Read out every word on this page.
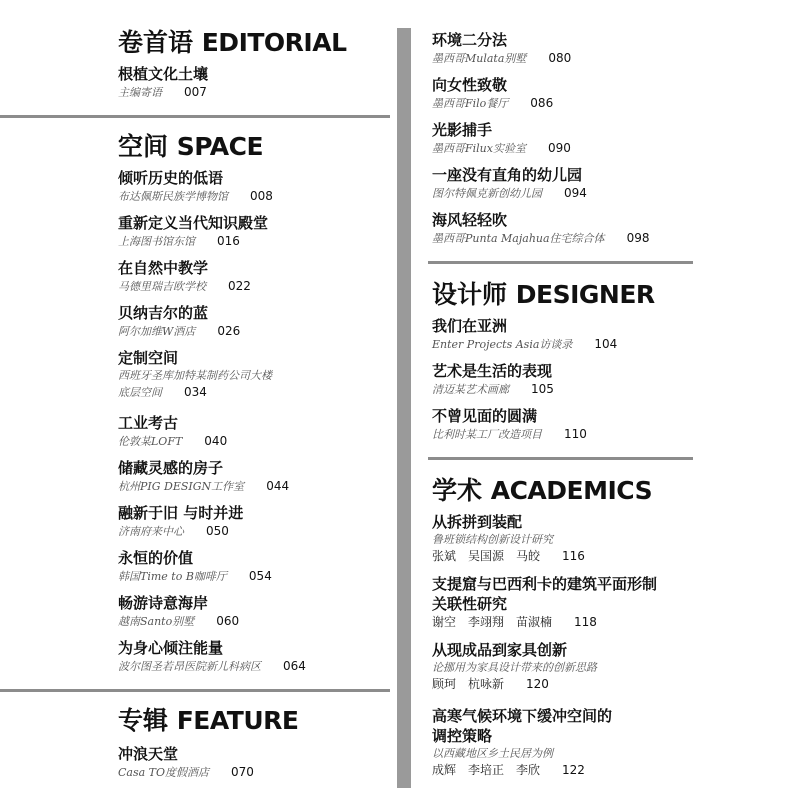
卷首语 EDITORIAL
根植文化土壤
主编寄语 007
空间 SPACE
倾听历史的低语
布达佩斯民族学博物馆 008
重新定义当代知识殿堂
上海图书馆东馆 016
在自然中教学
马德里瑞吉欧学校 022
贝纳吉尔的蓝
阿尔加维W酒店 026
定制空间
西班牙圣库加特某制药公司大楼
底层空间 034
工业考古
伦敦某LOFT 040
储藏灵感的房子
杭州PIG DESIGN工作室 044
融新于旧 与时并进
济南府来中心 050
永恒的价值
韩国Time to B咖啡厅 054
畅游诗意海岸
越南Santo别墅 060
为身心倾注能量
波尔图圣若昂医院新儿科病区 064
专辑 FEATURE
冲浪天堂
Casa TO度假酒店 070
环境二分法
墨西哥Mulata别墅 080
向女性致敬
墨西哥Filo餐厅 086
光影捕手
墨西哥Filux实验室 090
一座没有直角的幼儿园
图尔特佩克新创幼儿园 094
海风轻轻吹
墨西哥Punta Majahua住宅综合体 098
设计师 DESIGNER
我们在亚洲
Enter Projects Asia访谈录 104
艺术是生活的表现
清迈某艺术画廊 105
不曾见面的圆满
比利时某工厂改造项目 110
学术 ACADEMICS
从拆拼到装配
鲁班锁结构创新设计研究
张斌　吴国源　马皎 116
支提窟与巴西利卡的建筑平面形制
关联性研究
谢空　李翊翔　苗淑楠 118
从现成品到家具创新
论挪用为家具设计带来的创新思路
顾珂　杭咏新 120
高寒气候环境下缓冲空间的
调控策略
以西藏地区乡土民居为例
成辉　李培正　李欣 122
